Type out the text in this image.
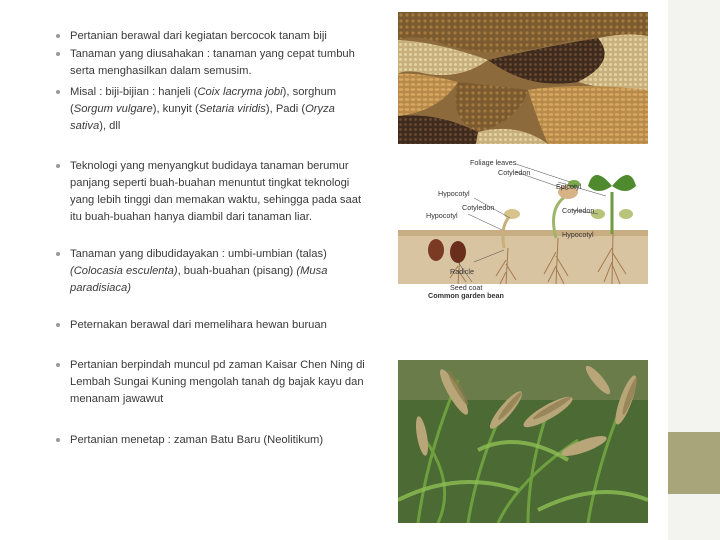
Pertanian berawal dari kegiatan bercocok tanam biji
Tanaman yang diusahakan : tanaman yang cepat tumbuh serta menghasilkan dalam semusim.
Misal : biji-bijian : hanjeli (Coix lacryma jobi), sorghum (Sorgum vulgare), kunyit (Setaria viridis), Padi (Oryza sativa), dll
Teknologi yang menyangkut budidaya tanaman berumur panjang seperti buah-buahan menuntut tingkat teknologi yang lebih tinggi dan memakan waktu, sehingga pada saat itu buah-buahan hanya diambil dari tanaman liar.
Tanaman yang dibudidayakan : umbi-umbian (talas) (Colocasia esculenta), buah-buahan (pisang) (Musa paradisiaca)
Peternakan berawal dari memelihara hewan buruan
Pertanian berpindah muncul pd zaman Kaisar Chen Ning di Lembah Sungai Kuning mengolah tanah dg bajak kayu dan menanam jawawut
Pertanian menetap : zaman Batu Baru (Neolitikum)
Foliage leaves
Cotyledon
Epicotyl
Hypocotyl
Cotyledon	Cotyledon
Hypocotyl
Hypocotyl
Radicle
Seed coat
Common garden bean
